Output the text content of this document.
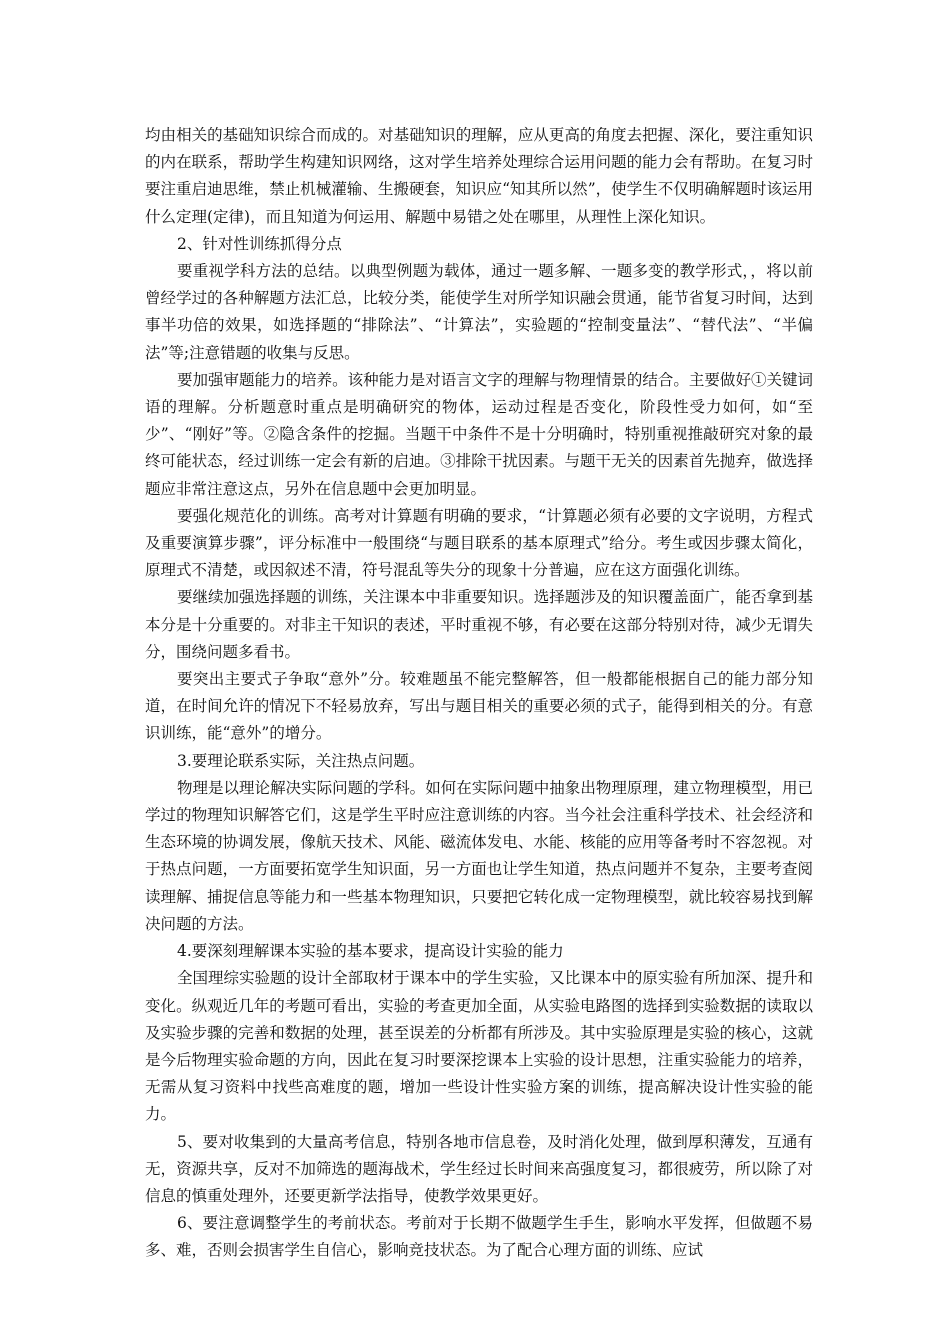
均由相关的基础知识综合而成的。对基础知识的理解，应从更高的角度去把握、深化，要注重知识的内在联系，帮助学生构建知识网络，这对学生培养处理综合运用问题的能力会有帮助。在复习时要注重启迪思维，禁止机械灌输、生搬硬套，知识应“知其所以然”，使学生不仅明确解题时该运用什么定理(定律)，而且知道为何运用、解题中易错之处在哪里，从理性上深化知识。

2、针对性训练抓得分点

要重视学科方法的总结。以典型例题为载体，通过一题多解、一题多变的教学形式，，将以前曾经学过的各种解题方法汇总，比较分类，能使学生对所学知识融会贯通，能节省复习时间，达到事半功倍的效果，如选择题的“排除法”、“计算法”，实验题的“控制变量法”、“替代法”、“半偏法”等;注意错题的收集与反思。

要加强审题能力的培养。该种能力是对语言文字的理解与物理情景的结合。主要做好①关键词语的理解。分析题意时重点是明确研究的物体，运动过程是否变化，阶段性受力如何，如“至少”、“刚好”等。②隐含条件的挖掘。当题干中条件不是十分明确时，特别重视推敲研究对象的最终可能状态，经过训练一定会有新的启迪。③排除干扰因素。与题干无关的因素首先抛弃，做选择题应非常注意这点，另外在信息题中会更加明显。

要强化规范化的训练。高考对计算题有明确的要求，“计算题必须有必要的文字说明，方程式及重要演算步骤”，评分标准中一般围绕“与题目联系的基本原理式”给分。考生或因步骤太简化，原理式不清楚，或因叙述不清，符号混乱等失分的现象十分普遍，应在这方面强化训练。

要继续加强选择题的训练，关注课本中非重要知识。选择题涉及的知识覆盖面广，能否拿到基本分是十分重要的。对非主干知识的表述，平时重视不够，有必要在这部分特别对待，减少无谓失分，围绕问题多看书。

要突出主要式子争取“意外”分。较难题虽不能完整解答，但一般都能根据自己的能力部分知道，在时间允许的情况下不轻易放弃，写出与题目相关的重要必须的式子，能得到相关的分。有意识训练，能“意外”的增分。

3.要理论联系实际，关注热点问题。

物理是以理论解决实际问题的学科。如何在实际问题中抽象出物理原理，建立物理模型，用已学过的物理知识解答它们，这是学生平时应注意训练的内容。当今社会注重科学技术、社会经济和生态环境的协调发展，像航天技术、风能、磁流体发电、水能、核能的应用等备考时不容忽视。对于热点问题，一方面要拓宽学生知识面，另一方面也让学生知道，热点问题并不复杂，主要考查阅读理解、捕捉信息等能力和一些基本物理知识，只要把它转化成一定物理模型，就比较容易找到解决问题的方法。

4.要深刻理解课本实验的基本要求，提高设计实验的能力

全国理综实验题的设计全部取材于课本中的学生实验，又比课本中的原实验有所加深、提升和变化。纵观近几年的考题可看出，实验的考查更加全面，从实验电路图的选择到实验数据的读取以及实验步骤的完善和数据的处理，甚至误差的分析都有所涉及。其中实验原理是实验的核心，这就是今后物理实验命题的方向，因此在复习时要深挖课本上实验的设计思想，注重实验能力的培养，无需从复习资料中找些高难度的题，增加一些设计性实验方案的训练，提高解决设计性实验的能力。

5、要对收集到的大量高考信息，特别各地市信息卷，及时消化处理，做到厚积薄发，互通有无，资源共享，反对不加筛选的题海战术，学生经过长时间来高强度复习，都很疲劳，所以除了对信息的慎重处理外，还要更新学法指导，使教学效果更好。

6、要注意调整学生的考前状态。考前对于长期不做题学生手生，影响水平发挥，但做题不易多、难，否则会损害学生自信心，影响竞技状态。为了配合心理方面的训练、应试
